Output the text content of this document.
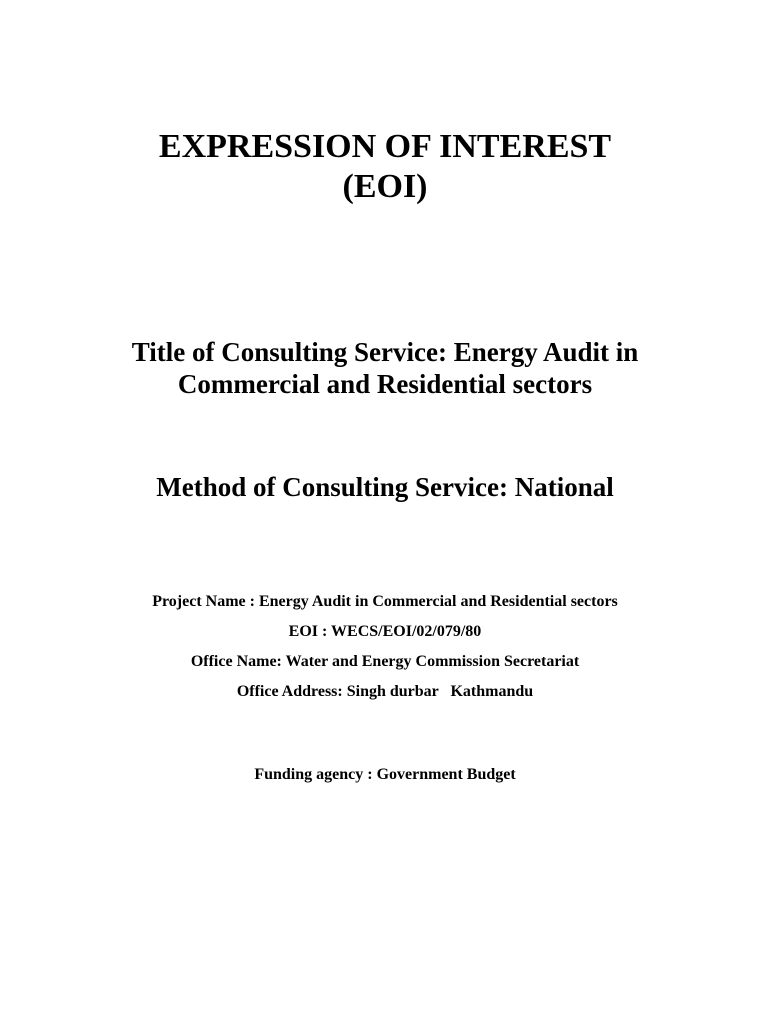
EXPRESSION OF INTEREST
(EOI)
Title of Consulting Service: Energy Audit in
Commercial and Residential sectors
Method of Consulting Service: National

Project Name : Energy Audit in Commercial and Residential sectors

EOI : WECS/EOI/02/079/80

Office Name: Water and Energy Commission Secretariat

Office Address: Singh durbar   Kathmandu

Funding agency : Government Budget
